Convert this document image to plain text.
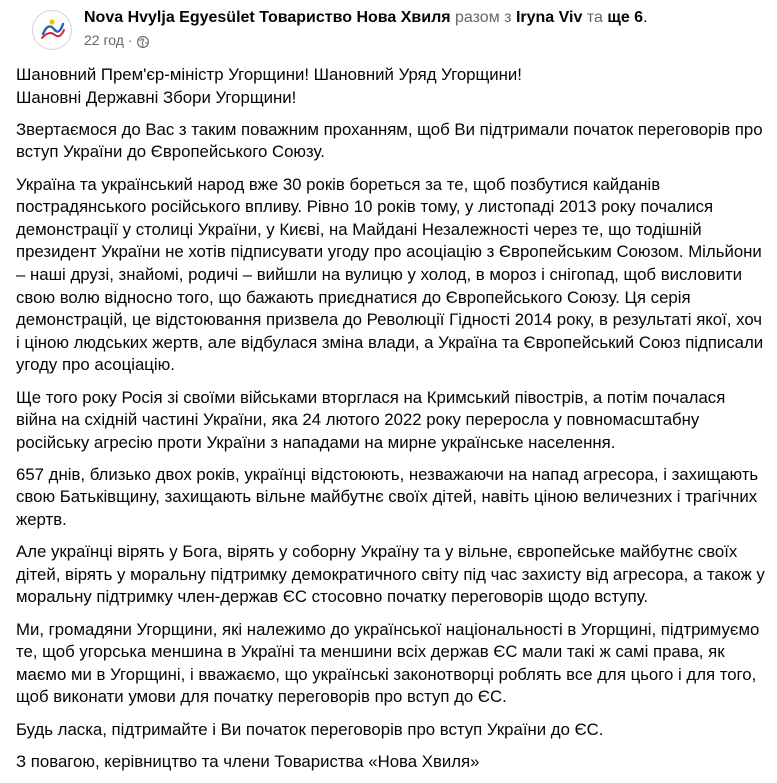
Nova Hvylja Egyesület Товариство Нова Хвиля разом з Iryna Viv та ще 6.
22 год ·

Шановний Прем'єр-міністр Угорщини! Шановний Уряд Угорщини!
Шановні Державні Збори Угорщини!

Звертаємося до Вас з таким поважним проханням, щоб Ви підтримали початок переговорів про вступ України до Європейського Союзу.

Україна та український народ вже 30 років бореться за те, щоб позбутися кайданів пострадянського російського впливу. Рівно 10 років тому, у листопаді 2013 року почалися демонстрації у столиці України, у Києві, на Майдані Незалежності через те, що тодішній президент України не хотів підписувати угоду про асоціацію з Європейським Союзом. Мільйони – наші друзі, знайомі, родичі – вийшли на вулицю у холод, в мороз і снігопад, щоб висловити свою волю відносно того, що бажають приєднатися до Європейського Союзу. Ця серія демонстрацій, це відстоювання призвела до Революції Гідності 2014 року, в результаті якої, хоч і ціною людських жертв, але відбулася зміна влади, а Україна та Європейський Союз підписали угоду про асоціацію.

Ще того року Росія зі своїми військами вторглася на Кримський півострів, а потім почалася війна на східній частині України, яка 24 лютого 2022 року переросла у повномасштабну російську агресію проти України з нападами на мирне українське населення.

657 днів, близько двох років, українці відстоюють, незважаючи на напад агресора, і захищають свою Батьківщину, захищають вільне майбутнє своїх дітей, навіть ціною величезних і трагічних жертв.

Але українці вірять у Бога, вірять у соборну Україну та у вільне, європейське майбутнє своїх дітей, вірять у моральну підтримку демократичного світу під час захисту від агресора, а також у моральну підтримку член-держав ЄС стосовно початку переговорів щодо вступу.

Ми, громадяни Угорщини, які належимо до української національності в Угорщині, підтримуємо те, щоб угорська меншина в Україні та меншини всіх держав ЄС мали такі ж самі права, як маємо ми в Угорщині, і вважаємо, що українські законотворці роблять все для цього і для того, щоб виконати умови для початку переговорів про вступ до ЄС.

Будь ласка, підтримайте і Ви початок переговорів про вступ України до ЄС.

З повагою, керівництво та члени Товариства «Нова Хвиля»
